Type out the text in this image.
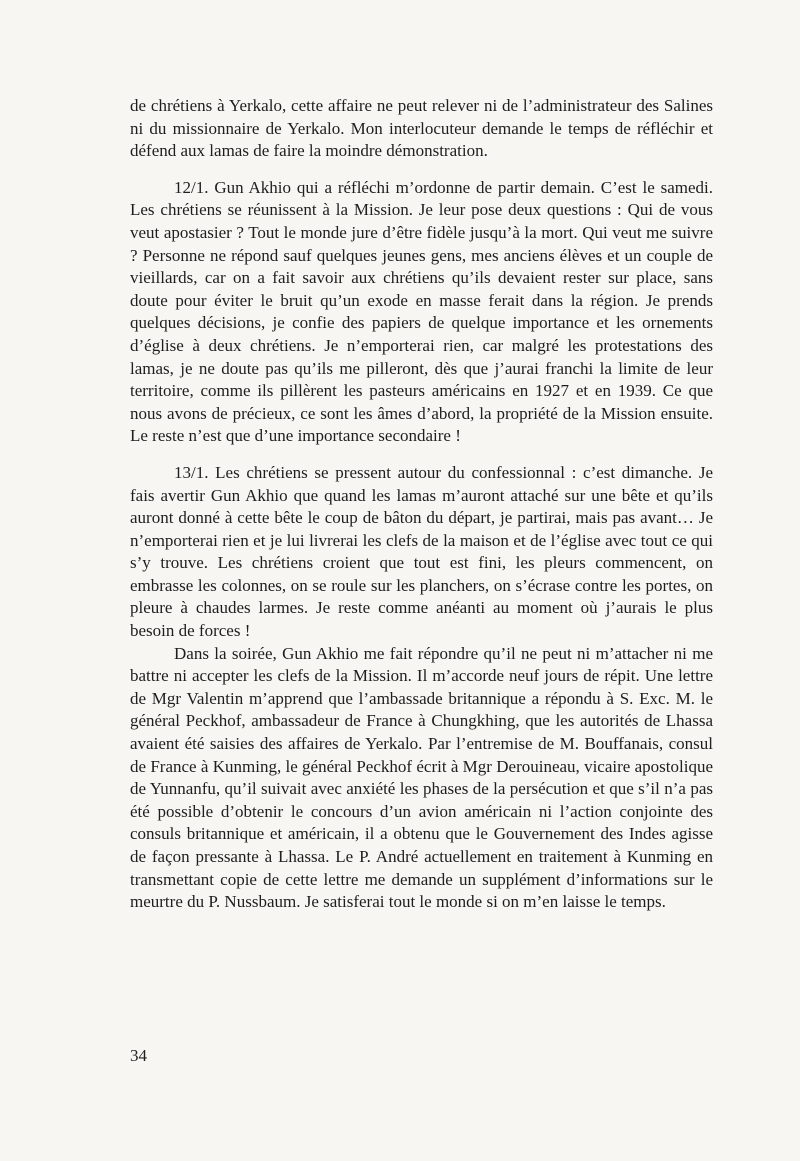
de chrétiens à Yerkalo, cette affaire ne peut relever ni de l’administrateur des Salines ni du missionnaire de Yerkalo. Mon interlocuteur demande le temps de réfléchir et défend aux lamas de faire la moindre démonstration.

12/1. Gun Akhio qui a réfléchi m’ordonne de partir demain. C’est le samedi. Les chrétiens se réunissent à la Mission. Je leur pose deux questions : Qui de vous veut apostasier ? Tout le monde jure d’être fidèle jusqu’à la mort. Qui veut me suivre ? Personne ne répond sauf quelques jeunes gens, mes anciens élèves et un couple de vieillards, car on a fait savoir aux chrétiens qu’ils devaient rester sur place, sans doute pour éviter le bruit qu’un exode en masse ferait dans la région. Je prends quelques décisions, je confie des papiers de quelque importance et les ornements d’église à deux chrétiens. Je n’emporterai rien, car malgré les protestations des lamas, je ne doute pas qu’ils me pilleront, dès que j’aurai franchi la limite de leur territoire, comme ils pillèrent les pasteurs américains en 1927 et en 1939. Ce que nous avons de précieux, ce sont les âmes d’abord, la propriété de la Mission ensuite. Le reste n’est que d’une importance secondaire !

13/1. Les chrétiens se pressent autour du confessionnal : c’est dimanche. Je fais avertir Gun Akhio que quand les lamas m’auront attaché sur une bête et qu’ils auront donné à cette bête le coup de bâton du départ, je partirai, mais pas avant… Je n’emporterai rien et je lui livrerai les clefs de la maison et de l’église avec tout ce qui s’y trouve. Les chrétiens croient que tout est fini, les pleurs commencent, on embrasse les colonnes, on se roule sur les planchers, on s’écrase contre les portes, on pleure à chaudes larmes. Je reste comme anéanti au moment où j’aurais le plus besoin de forces !

Dans la soirée, Gun Akhio me fait répondre qu’il ne peut ni m’attacher ni me battre ni accepter les clefs de la Mission. Il m’accorde neuf jours de répit. Une lettre de Mgr Valentin m’apprend que l’ambassade britannique a répondu à S. Exc. M. le général Peckhof, ambassadeur de France à Chungkhing, que les autorités de Lhassa avaient été saisies des affaires de Yerkalo. Par l’entremise de M. Bouffanais, consul de France à Kunming, le général Peckhof écrit à Mgr Derouineau, vicaire apostolique de Yunnanfu, qu’il suivait avec anxiété les phases de la persécution et que s’il n’a pas été possible d’obtenir le concours d’un avion américain ni l’action conjointe des consuls britannique et américain, il a obtenu que le Gouvernement des Indes agisse de façon pressante à Lhassa. Le P. André actuellement en traitement à Kunming en transmettant copie de cette lettre me demande un supplément d’informations sur le meurtre du P. Nussbaum. Je satisferai tout le monde si on m’en laisse le temps.

34
